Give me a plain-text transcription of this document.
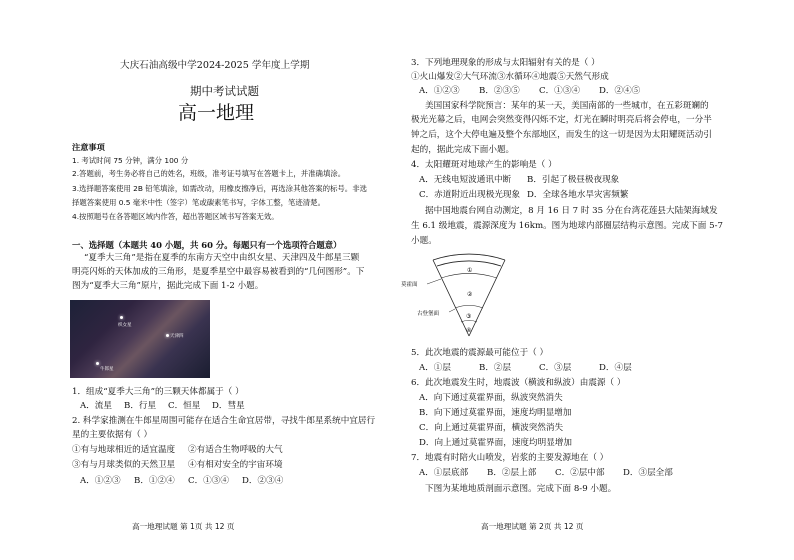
大庆石油高级中学2024-2025 学年度上学期
期中考试试题
高一地理
注意事项
1. 考试时间 75 分钟，满分 100 分
2.答题前，考生务必将自己的姓名，班级，准考证号填写在答题卡上，并准确填涂。
3.选择题答案使用 2B 铅笔填涂，如需改动，用橡皮擦净后，再选涂其他答案的标号。非选
择题答案使用 0.5 毫米中性（签字）笔或碳素笔书写，字体工整，笔迹清楚。
4.按照题号在各答题区域内作答，超出答题区域书写答案无效。
一、选择题（本题共 40 小题，共 60 分。每题只有一个选项符合题意）
“夏季大三角”是指在夏季的东南方天空中由织女星、天津四及牛郎星三颗
明亮闪烁的天体加成的三角形，是夏季星空中最容易被看到的“几何图形”。下
图为“夏季大三角”原片，据此完成下面 1-2 小题。
织女星
天津四
牛郎星
1．组成“夏季大三角”的三颗天体都属于（ ）
A．流星 B．行星 C．恒星 D．彗星
2. 科学家推测在牛郎星周围可能存在适合生命宜居带，寻找牛郎星系统中宜居行
星的主要依据有（ ）
①有与地球相近的适宜温度 ②有适合生物呼吸的大气
③有与月球类似的天然卫星 ④有相对安全的宇宙环境
A．①②③ B．①②④ C．①③④ D．②③④
高一地理试题 第 1页 共 12 页
3．下列地理现象的形成与太阳辐射有关的是（ ）
①火山爆发②大气环流③水循环④地震⑤天然气形成
A．①②③ B．②③⑤ C．①③④ D．②④⑤
美国国家科学院预言：某年的某一天，美国南部的一些城市，在五彩斑斓的
极光光幕之后，电网会突然变得闪烁不定，灯光在瞬时明亮后将会停电，一分半
钟之后，这个大停电遍及整个东部地区，而发生的这一切是因为太阳耀斑活动引
起的，据此完成下面小题。
4．太阳耀斑对地球产生的影响是（ ）
A．无线电短波通讯中断 B．引起了极昼极夜现象
C．赤道附近出现极光现象 D．全球各地水旱灾害频繁
据中国地震台网自动测定，8 月 16 日 7 时 35 分在台湾花莲县大陆架海域发
生 6.1 级地震，震源深度为 16km。图为地球内部圈层结构示意图。完成下面 5-7
小题。
①
②
③
④
莫霍面
古登堡面
5．此次地震的震源最可能位于（ ）
A．①层	B．②层	C．③层	D．④层
6．此次地震发生时，地震波（横波和纵波）由震源（ ）
A．向下通过莫霍界面，纵波突然消失
B．向下通过莫霍界面，速度均明显增加
C．向上通过莫霍界面，横波突然消失
D．向上通过莫霍界面，速度均明显增加
7．地震有时陪火山喷发，岩浆的主要发源地在（ ）
A．①层底部 B．②层上部 C．②层中部 D．③层全部
下图为某地地质剖面示意图。完成下面 8-9 小题。
高一地理试题 第 2页 共 12 页
